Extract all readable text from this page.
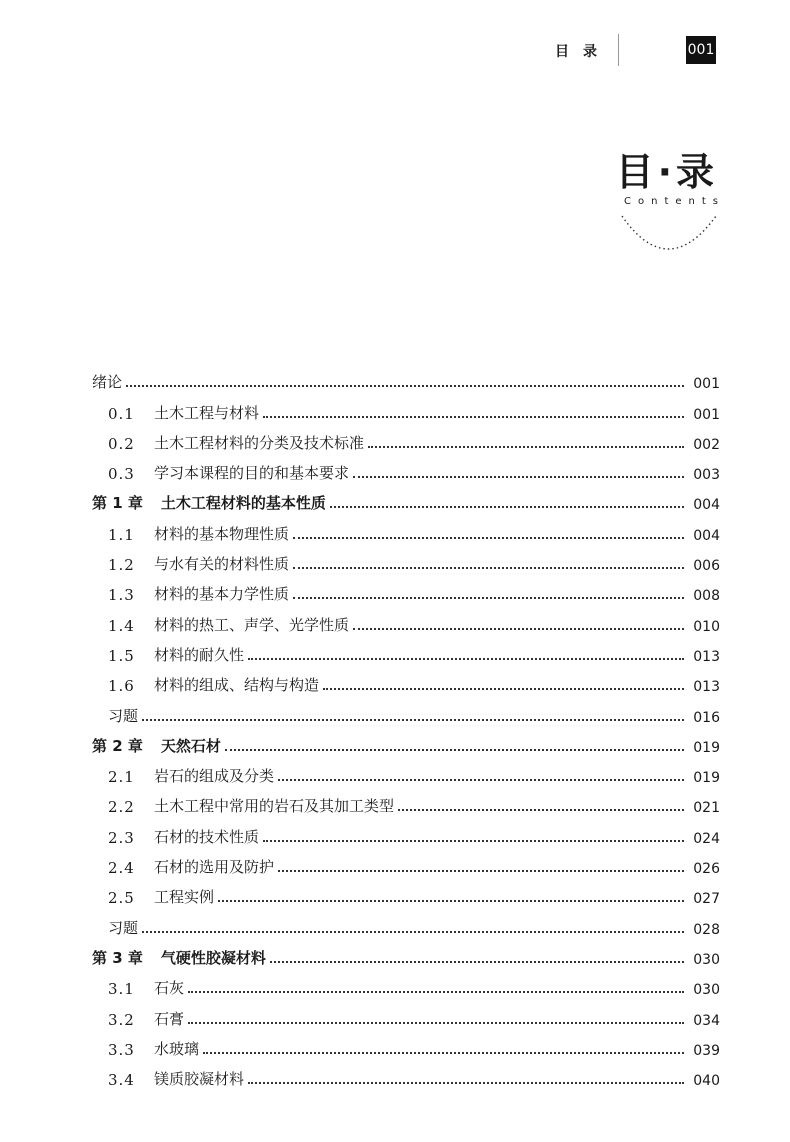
目录	001
目·录
Contents
绪论	001
0.1	土木工程与材料	001
0.2	土木工程材料的分类及技术标准	002
0.3	学习本课程的目的和基本要求	003
第 1 章 土木工程材料的基本性质	004
1.1	材料的基本物理性质	004
1.2	与水有关的材料性质	006
1.3	材料的基本力学性质	008
1.4	材料的热工、声学、光学性质	010
1.5	材料的耐久性	013
1.6	材料的组成、结构与构造	013
习题	016
第 2 章 天然石材	019
2.1	岩石的组成及分类	019
2.2	土木工程中常用的岩石及其加工类型	021
2.3	石材的技术性质	024
2.4	石材的选用及防护	026
2.5	工程实例	027
习题	028
第 3 章 气硬性胶凝材料	030
3.1	石灰	030
3.2	石膏	034
3.3	水玻璃	039
3.4	镁质胶凝材料	040
